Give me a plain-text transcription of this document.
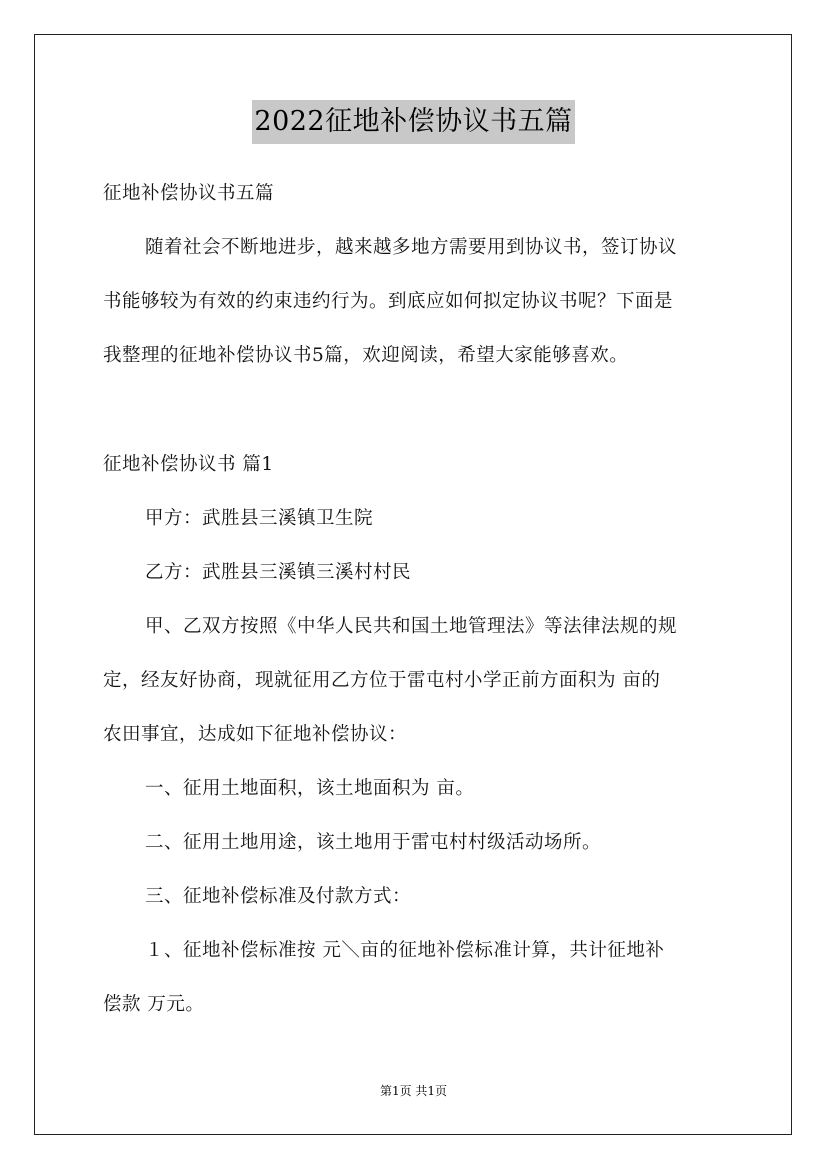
2022征地补偿协议书五篇
征地补偿协议书五篇
随着社会不断地进步，越来越多地方需要用到协议书，签订协议
书能够较为有效的约束违约行为。到底应如何拟定协议书呢？下面是
我整理的征地补偿协议书5篇，欢迎阅读，希望大家能够喜欢。
征地补偿协议书 篇1
甲方：武胜县三溪镇卫生院
乙方：武胜县三溪镇三溪村村民
甲、乙双方按照《中华人民共和国土地管理法》等法律法规的规
定，经友好协商，现就征用乙方位于雷屯村小学正前方面积为 亩的
农田事宜，达成如下征地补偿协议：
一、征用土地面积，该土地面积为 亩。
二、征用土地用途，该土地用于雷屯村村级活动场所。
三、征地补偿标准及付款方式：
１、征地补偿标准按 元＼亩的征地补偿标准计算，共计征地补
偿款 万元。
第1页 共1页
